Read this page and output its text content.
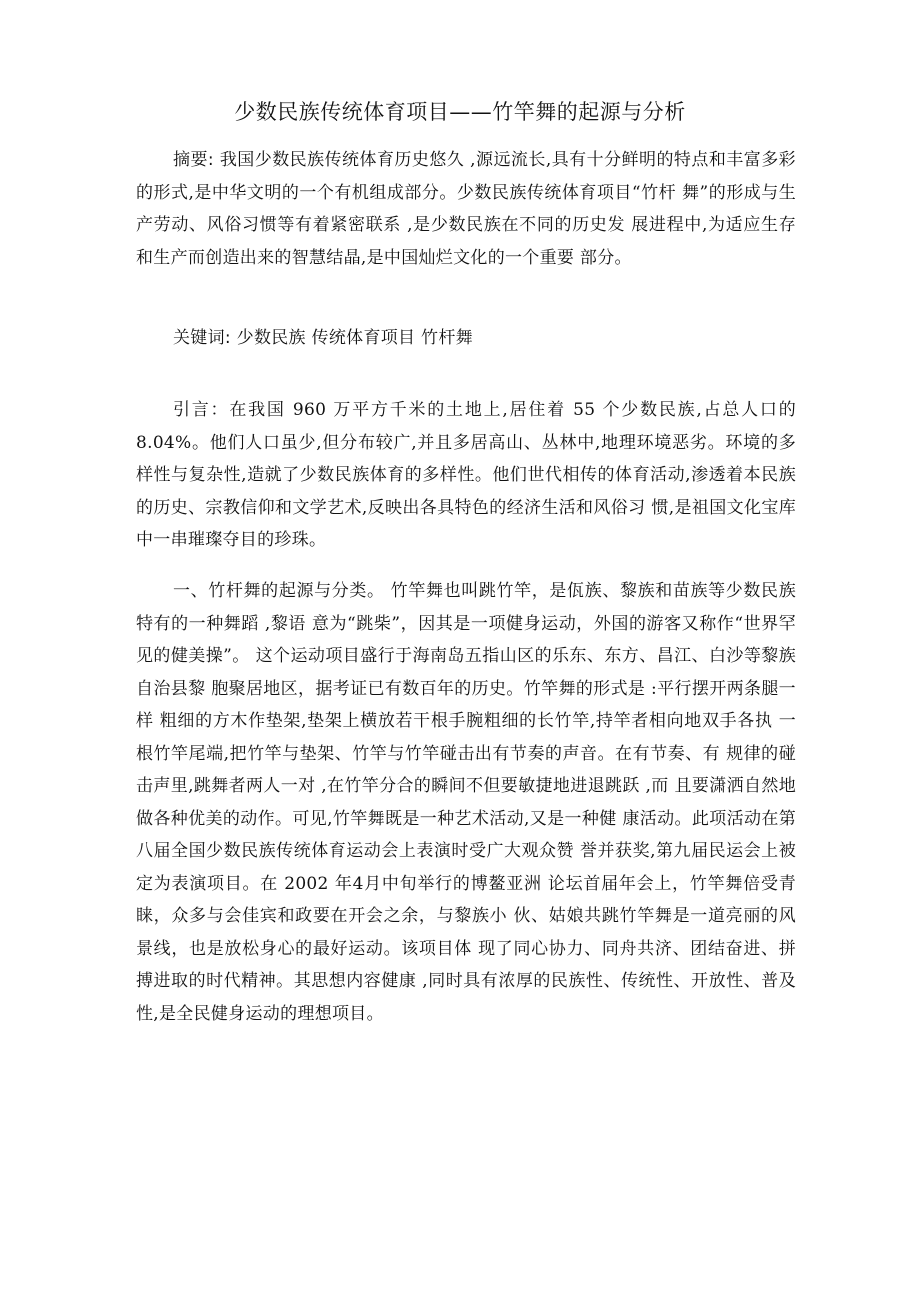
少数民族传统体育项目——竹竿舞的起源与分析

摘要: 我国少数民族传统体育历史悠久 ,源远流长,具有十分鲜明的特点和丰富多彩的形式,是中华文明的一个有机组成部分。少数民族传统体育项目“竹杆 舞”的形成与生产劳动、风俗习惯等有着紧密联系 ,是少数民族在不同的历史发 展进程中,为适应生存和生产而创造出来的智慧结晶,是中国灿烂文化的一个重要 部分。

关键词: 少数民族 传统体育项目 竹杆舞

引言：在我国 960 万平方千米的土地上,居住着 55 个少数民族,占总人口的 8.04%。他们人口虽少,但分布较广,并且多居高山、丛林中,地理环境恶劣。环境的多样性与复杂性,造就了少数民族体育的多样性。他们世代相传的体育活动,渗透着本民族的历史、宗教信仰和文学艺术,反映出各具特色的经济生活和风俗习 惯,是祖国文化宝库中一串璀璨夺目的珍珠。

一、竹杆舞的起源与分类。 竹竿舞也叫跳竹竿，是佤族、黎族和苗族等少数民族特有的一种舞蹈 ,黎语 意为“跳柴”，因其是一项健身运动，外国的游客又称作“世界罕见的健美操”。 这个运动项目盛行于海南岛五指山区的乐东、东方、昌江、白沙等黎族自治县黎 胞聚居地区，据考证已有数百年的历史。竹竿舞的形式是 :平行摆开两条腿一样 粗细的方木作垫架,垫架上横放若干根手腕粗细的长竹竿,持竿者相向地双手各执 一根竹竿尾端,把竹竿与垫架、竹竿与竹竿碰击出有节奏的声音。在有节奏、有 规律的碰击声里,跳舞者两人一对 ,在竹竿分合的瞬间不但要敏捷地进退跳跃 ,而 且要潇洒自然地做各种优美的动作。可见,竹竿舞既是一种艺术活动,又是一种健 康活动。此项活动在第八届全国少数民族传统体育运动会上表演时受广大观众赞 誉并获奖,第九届民运会上被定为表演项目。在 2002 年4月中旬举行的博鳌亚洲 论坛首届年会上，竹竿舞倍受青睐，众多与会佳宾和政要在开会之余，与黎族小 伙、姑娘共跳竹竿舞是一道亮丽的风景线，也是放松身心的最好运动。该项目体 现了同心协力、同舟共济、团结奋进、拼搏进取的时代精神。其思想内容健康 ,同时具有浓厚的民族性、传统性、开放性、普及性,是全民健身运动的理想项目。
